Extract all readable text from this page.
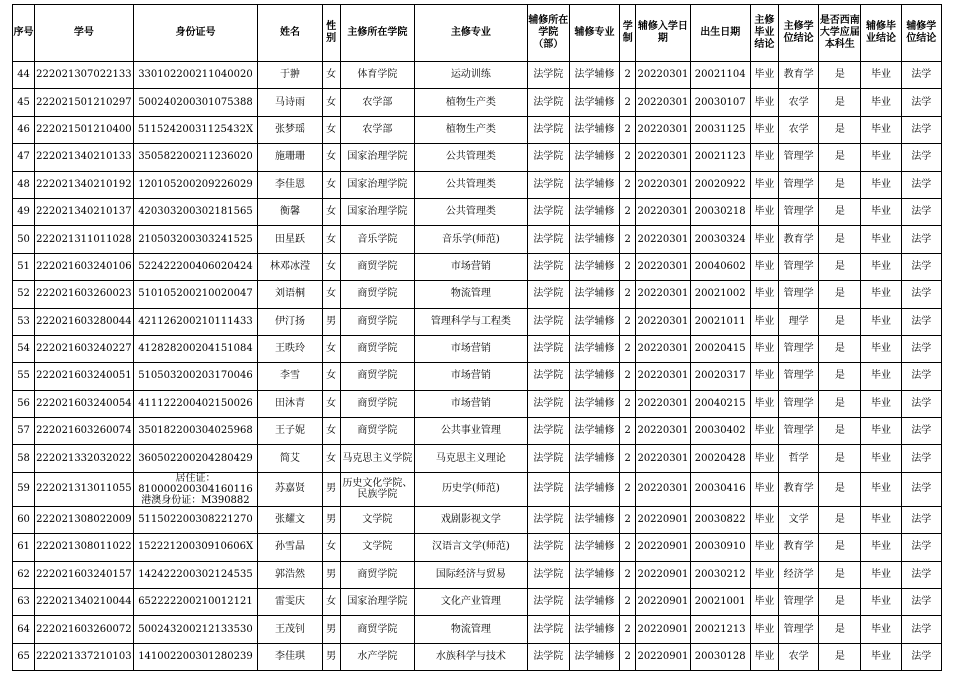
序号	学号	身份证号	姓名	性别	主修所在学院	主修专业	辅修所在学院（部）	辅修专业	学制	辅修入学日期	出生日期	主修毕业结论	主修学位结论	是否西南大学应届本科生	辅修毕业结论	辅修学位结论

44	222021307022133	330102200211040020	于翀	女	体育学院	运动训练	法学院	法学辅修	2	20220301	20021104	毕业	教育学	是	毕业	法学
45	222021501210297	500240200301075388	马诗雨	女	农学部	植物生产类	法学院	法学辅修	2	20220301	20030107	毕业	农学	是	毕业	法学
46	222021501210400	51152420031125432X	张梦瑶	女	农学部	植物生产类	法学院	法学辅修	2	20220301	20031125	毕业	农学	是	毕业	法学
47	222021340210133	350582200211236020	施珊珊	女	国家治理学院	公共管理类	法学院	法学辅修	2	20220301	20021123	毕业	管理学	是	毕业	法学
48	222021340210192	120105200209226029	李佳恩	女	国家治理学院	公共管理类	法学院	法学辅修	2	20220301	20020922	毕业	管理学	是	毕业	法学
49	222021340210137	420303200302181565	衡馨	女	国家治理学院	公共管理类	法学院	法学辅修	2	20220301	20030218	毕业	管理学	是	毕业	法学
50	222021311011028	210503200303241525	田星跃	女	音乐学院	音乐学(师范)	法学院	法学辅修	2	20220301	20030324	毕业	教育学	是	毕业	法学
51	222021603240106	522422200406020424	林邓冰滢	女	商贸学院	市场营销	法学院	法学辅修	2	20220301	20040602	毕业	管理学	是	毕业	法学
52	222021603260023	510105200210020047	刘语桐	女	商贸学院	物流管理	法学院	法学辅修	2	20220301	20021002	毕业	管理学	是	毕业	法学
53	222021603280044	421126200210111433	伊汀扬	男	商贸学院	管理科学与工程类	法学院	法学辅修	2	20220301	20021011	毕业	理学	是	毕业	法学
54	222021603240227	412828200204151084	王昳玲	女	商贸学院	市场营销	法学院	法学辅修	2	20220301	20020415	毕业	管理学	是	毕业	法学
55	222021603240051	510503200203170046	李雪	女	商贸学院	市场营销	法学院	法学辅修	2	20220301	20020317	毕业	管理学	是	毕业	法学
56	222021603240054	411122200402150026	田沐青	女	商贸学院	市场营销	法学院	法学辅修	2	20220301	20040215	毕业	管理学	是	毕业	法学
57	222021603260074	350182200304025968	王子妮	女	商贸学院	公共事业管理	法学院	法学辅修	2	20220301	20030402	毕业	管理学	是	毕业	法学
58	222021332032022	360502200204280429	简艾	女	马克思主义学院	马克思主义理论	法学院	法学辅修	2	20220301	20020428	毕业	哲学	是	毕业	法学
59	222021313011055	居住证：810000200304160116 港澳身份证：M390882	苏嘉贤	男	历史文化学院、民族学院	历史学(师范)	法学院	法学辅修	2	20220301	20030416	毕业	教育学	是	毕业	法学
60	222021308022009	511502200308221270	张耀文	男	文学院	戏剧影视文学	法学院	法学辅修	2	20220901	20030822	毕业	文学	是	毕业	法学
61	222021308011022	15222120030910606X	孙雪晶	女	文学院	汉语言文学(师范)	法学院	法学辅修	2	20220901	20030910	毕业	教育学	是	毕业	法学
62	222021603240157	142422200302124535	郭浩然	男	商贸学院	国际经济与贸易	法学院	法学辅修	2	20220901	20030212	毕业	经济学	是	毕业	法学
63	222021340210044	652222200210012121	雷雯庆	女	国家治理学院	文化产业管理	法学院	法学辅修	2	20220901	20021001	毕业	管理学	是	毕业	法学
64	222021603260072	500243200212133530	王茂钊	男	商贸学院	物流管理	法学院	法学辅修	2	20220901	20021213	毕业	管理学	是	毕业	法学
65	222021337210103	141002200301280239	李佳琪	男	水产学院	水族科学与技术	法学院	法学辅修	2	20220901	20030128	毕业	农学	是	毕业	法学
